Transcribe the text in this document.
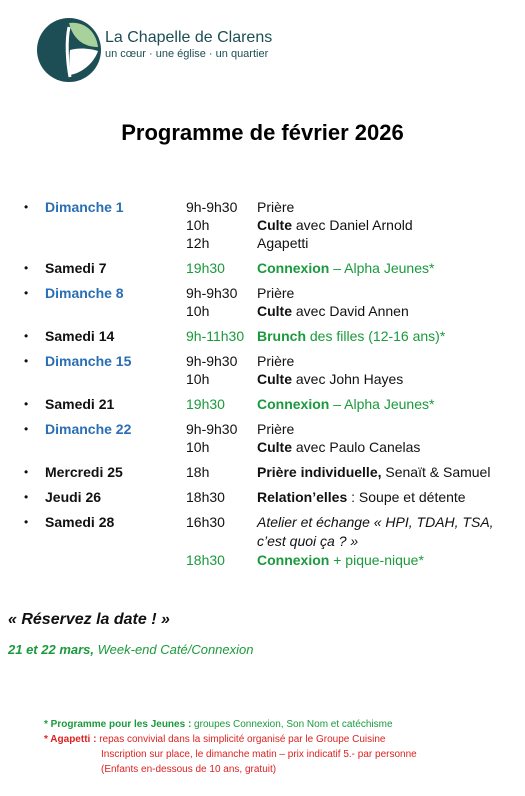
La Chapelle de Clarens
un cœur · une église · un quartier
Programme de février 2026
• Dimanche 1	9h-9h30 Prière
10h	Culte avec Daniel Arnold
12h	Agapetti
• Samedi 7	19h30 Connexion – Alpha Jeunes*
• Dimanche 8	9h-9h30 Prière
10h	Culte avec David Annen
• Samedi 14	9h-11h30 Brunch des filles (12-16 ans)*
• Dimanche 15	9h-9h30 Prière
10h	Culte avec John Hayes
• Samedi 21	19h30 Connexion – Alpha Jeunes*
• Dimanche 22	9h-9h30 Prière
10h	Culte avec Paulo Canelas
• Mercredi 25	18h	Prière individuelle, Senaït & Samuel
• Jeudi 26	18h30 Relation’elles : Soupe et détente
• Samedi 28	16h30 Atelier et échange « HPI, TDAH, TSA, c’est quoi ça ? »
18h30 Connexion + pique-nique*
« Réservez la date ! »
21 et 22 mars, Week-end Caté/Connexion
* Programme pour les Jeunes : groupes Connexion, Son Nom et catéchisme
* Agapetti : repas convivial dans la simplicité organisé par le Groupe Cuisine
Inscription sur place, le dimanche matin – prix indicatif 5.- par personne
(Enfants en-dessous de 10 ans, gratuit)
